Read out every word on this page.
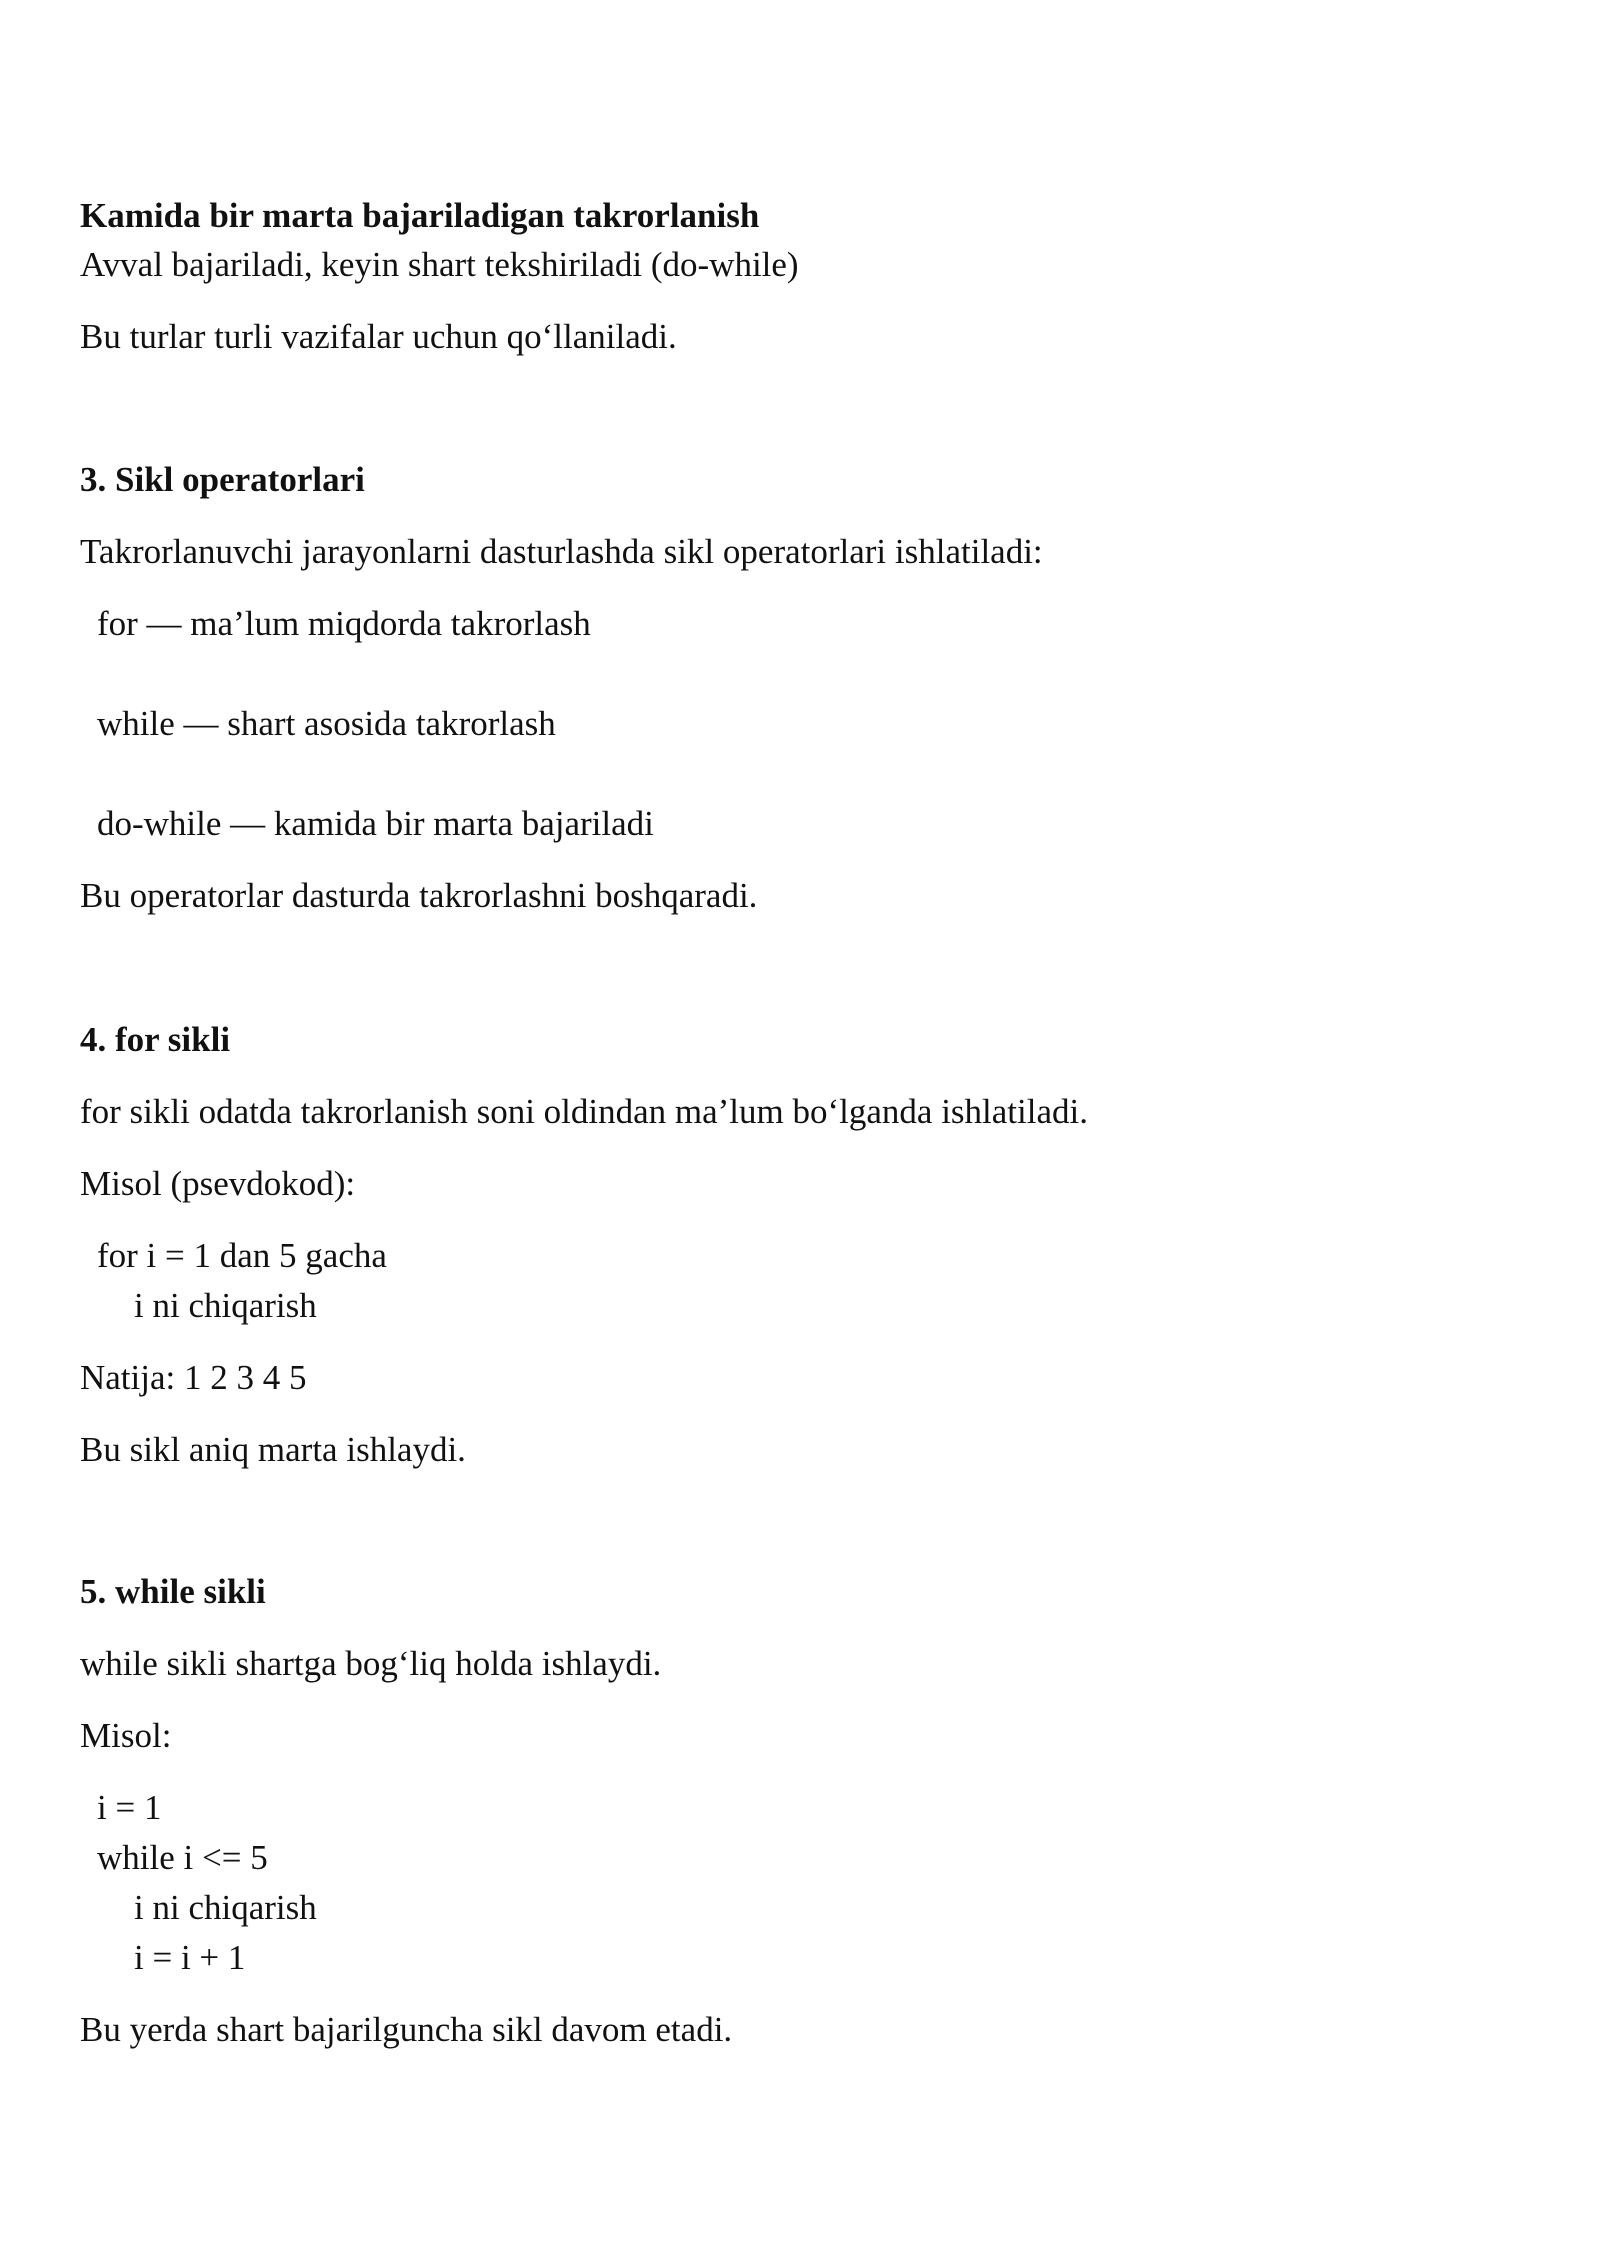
Kamida bir marta bajariladigan takrorlanish

Avval bajariladi, keyin shart tekshiriladi (do-while)

Bu turlar turli vazifalar uchun qo‘llaniladi.

3. Sikl operatorlari

Takrorlanuvchi jarayonlarni dasturlashda sikl operatorlari ishlatiladi:

for — ma’lum miqdorda takrorlash

while — shart asosida takrorlash

do-while — kamida bir marta bajariladi

Bu operatorlar dasturda takrorlashni boshqaradi.

4. for sikli

for sikli odatda takrorlanish soni oldindan ma’lum bo‘lganda ishlatiladi.

Misol (psevdokod):

for i = 1 dan 5 gacha

i ni chiqarish

Natija: 1 2 3 4 5

Bu sikl aniq marta ishlaydi.

5. while sikli

while sikli shartga bog‘liq holda ishlaydi.

Misol:

i = 1

while i <= 5

i ni chiqarish

i = i + 1

Bu yerda shart bajarilguncha sikl davom etadi.
